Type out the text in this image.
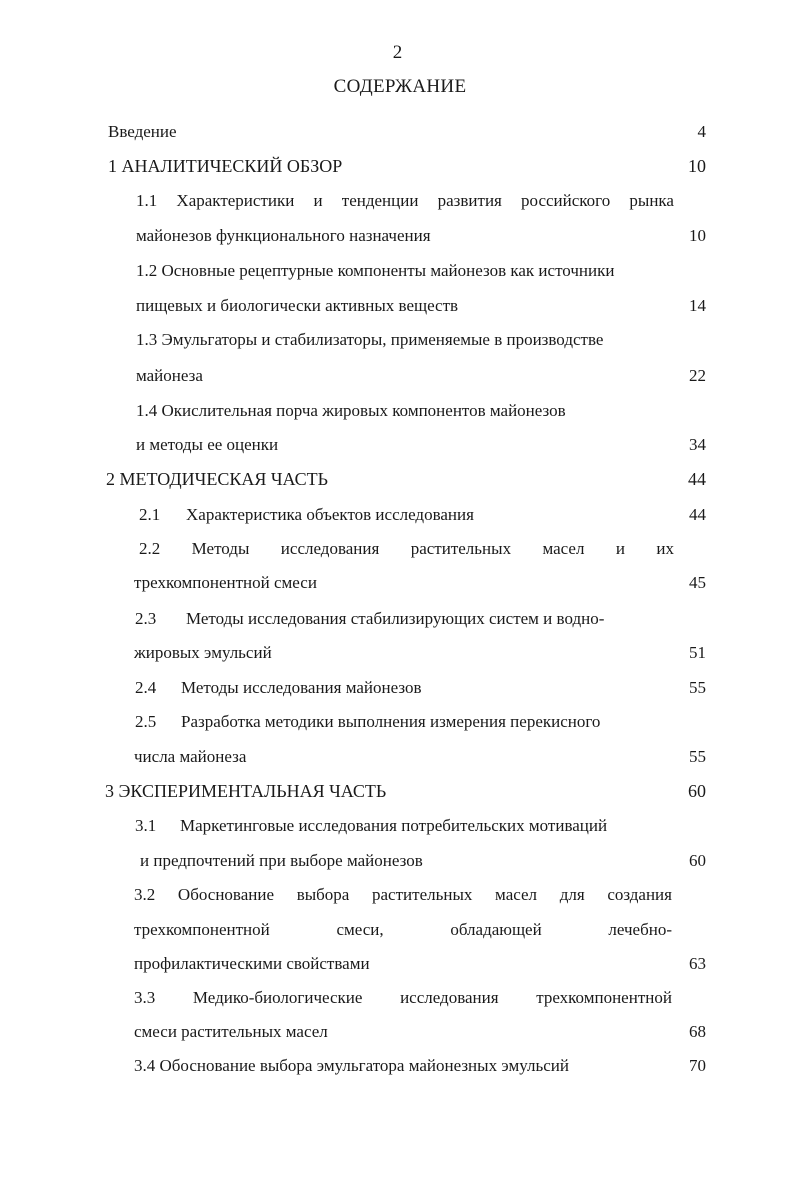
2
СОДЕРЖАНИЕ
Введение	4
1 АНАЛИТИЧЕСКИЙ ОБЗОР	10
1.1 Характеристики и тенденции развития российского рынка
майонезов функционального назначения	10
1.2 Основные рецептурные компоненты майонезов как источники
пищевых и биологически активных веществ	14
1.3 Эмульгаторы и стабилизаторы, применяемые в производстве
майонеза	22
1.4 Окислительная порча жировых компонентов майонезов
и методы ее оценки	34
2 МЕТОДИЧЕСКАЯ ЧАСТЬ	44
2.1 Характеристика объектов исследования	44
2.2 Методы исследования растительных масел и их
трехкомпонентной смеси	45
2.3 Методы исследования стабилизирующих систем и водно-
жировых эмульсий	51
2.4 Методы исследования майонезов	55
2.5 Разработка методики выполнения измерения перекисного
числа майонеза	55
3 ЭКСПЕРИМЕНТАЛЬНАЯ ЧАСТЬ	60
3.1 Маркетинговые исследования потребительских мотиваций
и предпочтений при выборе майонезов	60
3.2 Обоснование выбора растительных масел для создания
трехкомпонентной	смеси,	обладающей	лечебно-
профилактическими свойствами	63
3.3 Медико-биологические исследования трехкомпонентной
смеси растительных масел	68
3.4 Обоснование выбора эмульгатора майонезных эмульсий	70
